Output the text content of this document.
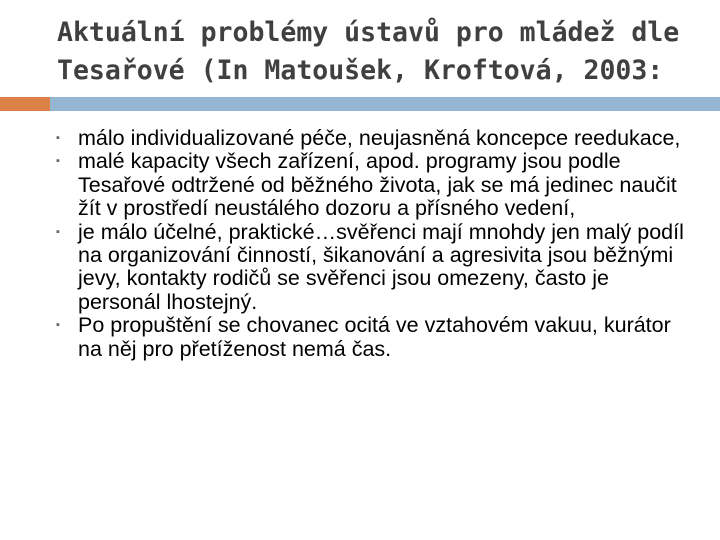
Aktuální problémy ústavů pro mládež dle Tesařové (In Matoušek, Kroftová, 2003:
▪ málo individualizované péče, neujasněná koncepce reedukace,
▪ malé kapacity všech zařízení, apod. programy jsou podle Tesařové odtržené od běžného života, jak se má jedinec naučit žít v prostředí neustálého dozoru a přísného vedení,
▪ je málo účelné, praktické…svěřenci mají mnohdy jen malý podíl na organizování činností, šikanování a agresivita jsou běžnými jevy, kontakty rodičů se svěřenci jsou omezeny, často je personál lhostejný.
▪ Po propuštění se chovanec ocitá ve vztahovém vakuu, kurátor na něj pro přetíženost nemá čas.
